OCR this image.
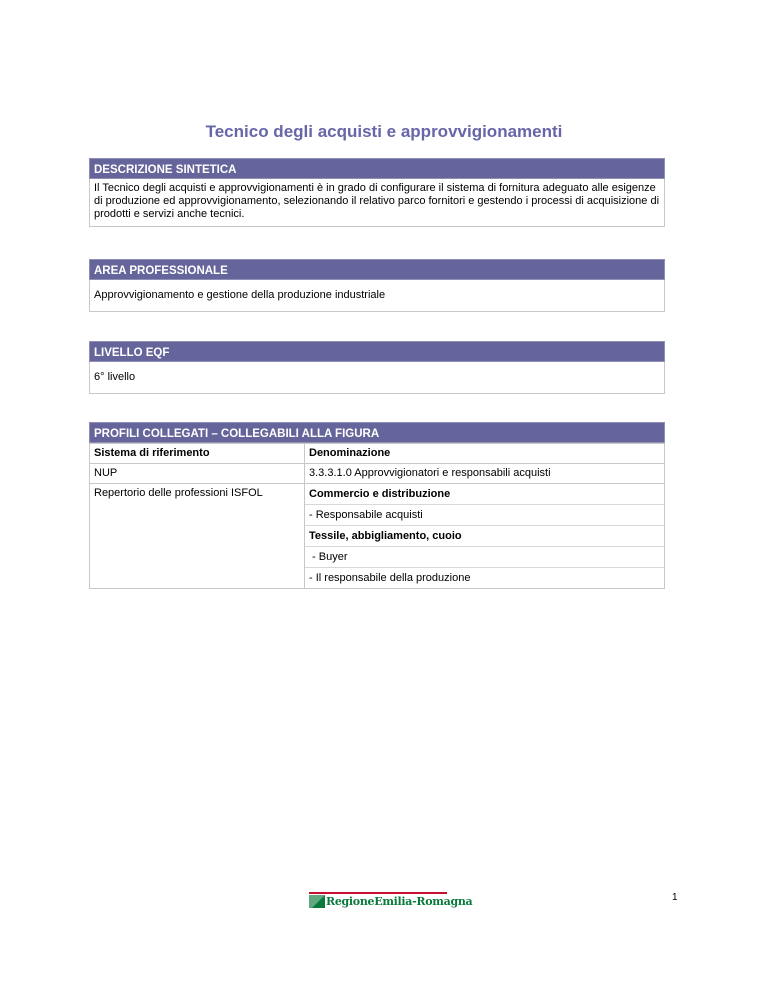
Tecnico degli acquisti e approvvigionamenti
DESCRIZIONE SINTETICA
Il Tecnico degli acquisti e approvvigionamenti è in grado di configurare il sistema di fornitura adeguato alle esigenze di produzione ed approvvigionamento, selezionando il relativo parco fornitori e gestendo i processi di acquisizione di prodotti e servizi anche tecnici.
AREA PROFESSIONALE
Approvvigionamento e gestione della produzione industriale
LIVELLO EQF
6° livello
PROFILI COLLEGATI – COLLEGABILI ALLA FIGURA
Sistema di riferimento	Denominazione
NUP	3.3.3.1.0 Approvvigionatori e responsabili acquisti
Repertorio delle professioni ISFOL	Commercio e distribuzione
- Responsabile acquisti
Tessile, abbigliamento, cuoio
- Buyer
- Il responsabile della produzione
RegioneEmilia-Romagna	1
